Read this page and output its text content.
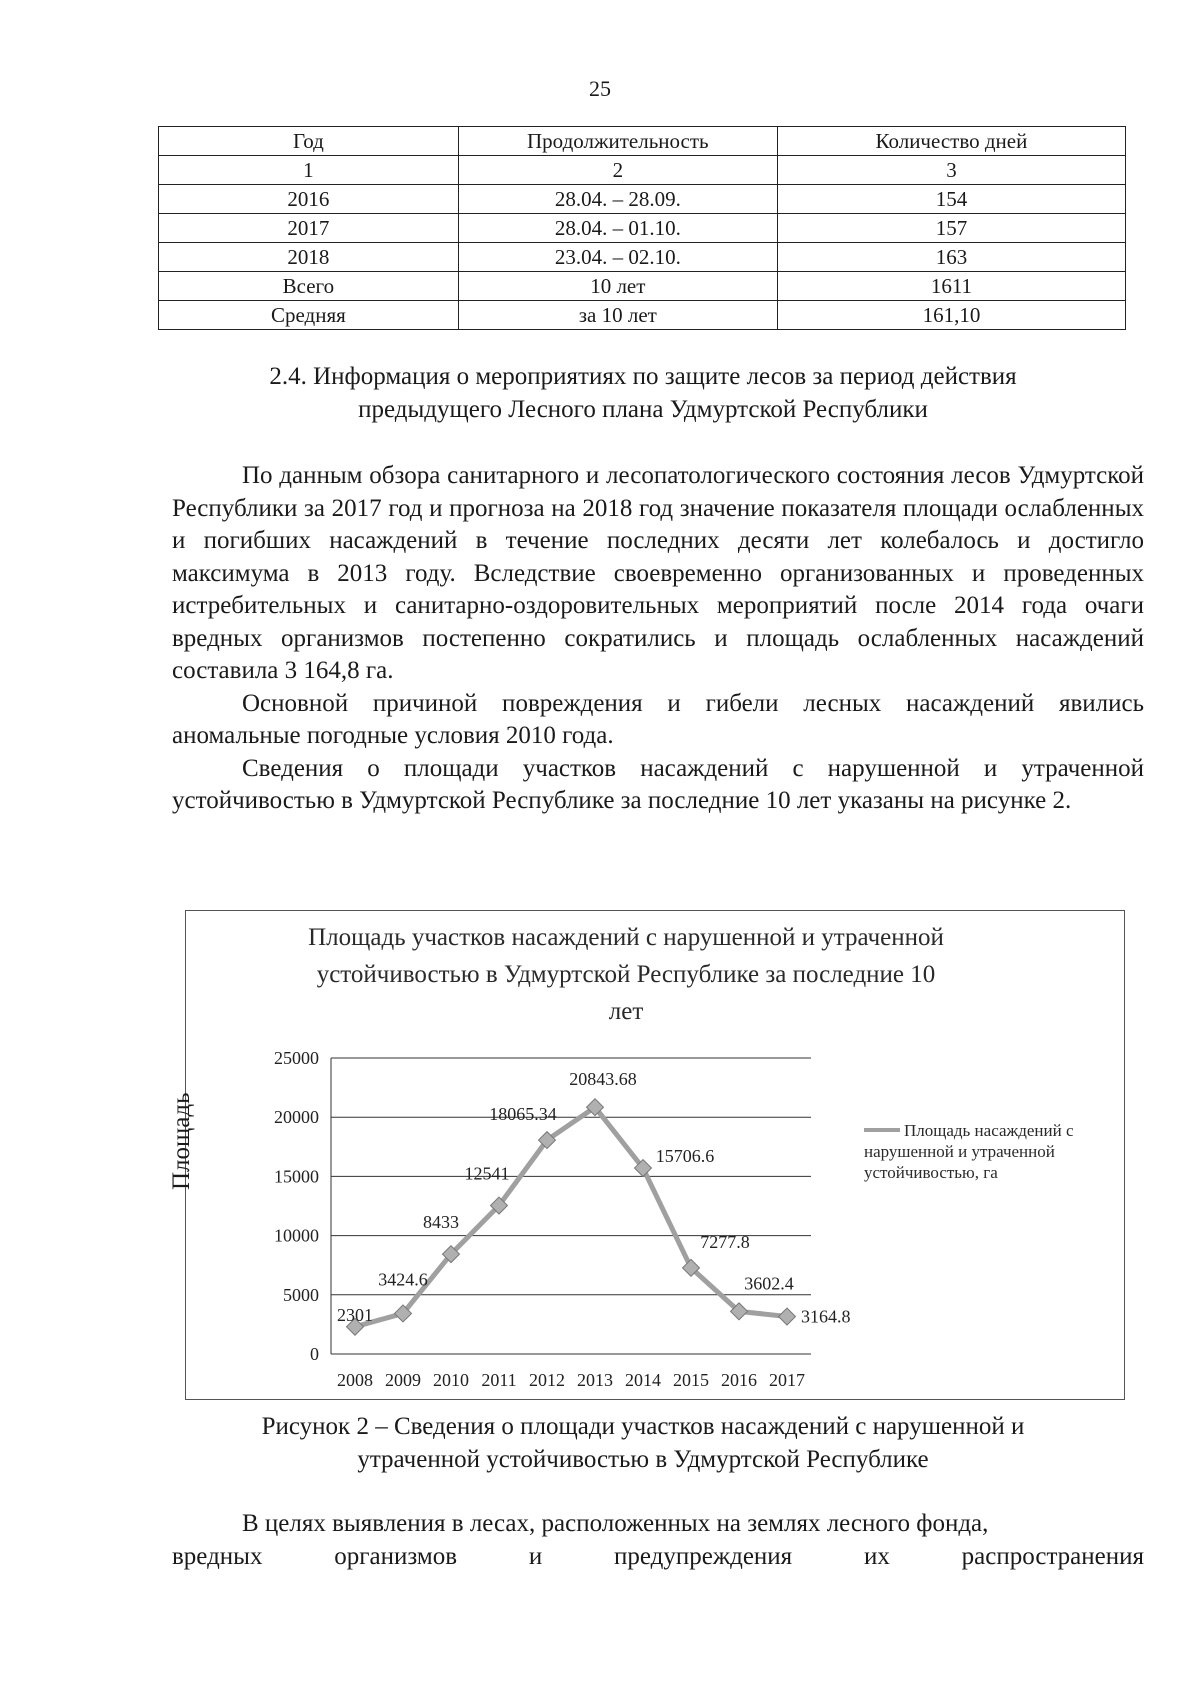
25
Год	Продолжительность	Количество дней
1	2	3
2016	28.04. – 28.09.	154
2017	28.04. – 01.10.	157
2018	23.04. – 02.10.	163
Всего	10 лет	1611
Средняя	за 10 лет	161,10
2.4. Информация о мероприятиях по защите лесов за период действия
предыдущего Лесного плана Удмуртской Республики

По данным обзора санитарного и лесопатологического состояния лесов Удмуртской Республики за 2017 год и прогноза на 2018 год значение показателя площади ослабленных и погибших насаждений в течение последних десяти лет колебалось и достигло максимума в 2013 году. Вследствие своевременно организованных и проведенных истребительных и санитарно-оздоровительных мероприятий после 2014 года очаги вредных организмов постепенно сократились и площадь ослабленных насаждений составила 3 164,8 га.

Основной причиной повреждения и гибели лесных насаждений явились аномальные погодные условия 2010 года.

Сведения о площади участков насаждений с нарушенной и утраченной устойчивостью в Удмуртской Республике за последние 10 лет указаны на рисунке 2.

Площадь участков насаждений с нарушенной и утраченной
устойчивостью в Удмуртской Республике за последние 10
лет
0
5000
10000
15000
20000
25000
2008 2009 2010 2011 2012 2013 2014 2015 2016 2017
2301
3424.6
8433
12541
18065.34
20843.68
15706.6
7277.8
3602.4
3164.8
Площадь	Площадь насаждений с
нарушенной и утраченной
устойчивостью, га
Рисунок 2 – Сведения о площади участков насаждений с нарушенной и
утраченной устойчивостью в Удмуртской Республике

В целях выявления в лесах, расположенных на землях лесного фонда,

вредных организмов и предупреждения их распространения
